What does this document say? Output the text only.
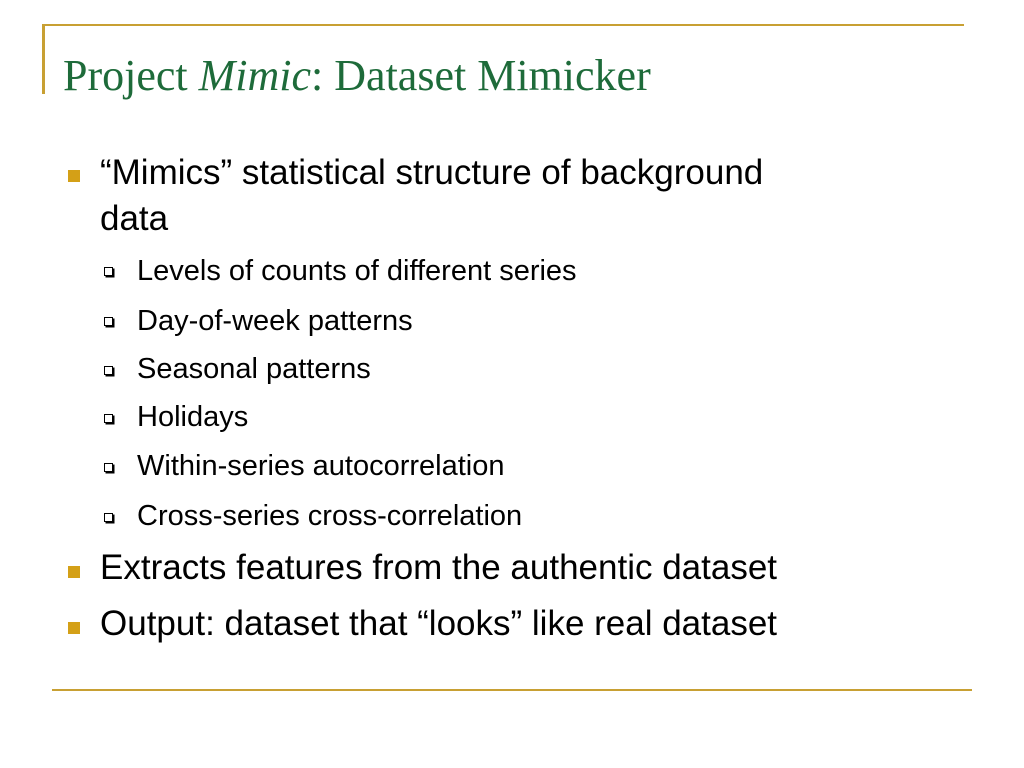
Project Mimic: Dataset Mimicker
“Mimics” statistical structure of background
data
Levels of counts of different series
Day-of-week patterns
Seasonal patterns
Holidays
Within-series autocorrelation
Cross-series cross-correlation
Extracts features from the authentic dataset
Output: dataset that “looks” like real dataset
